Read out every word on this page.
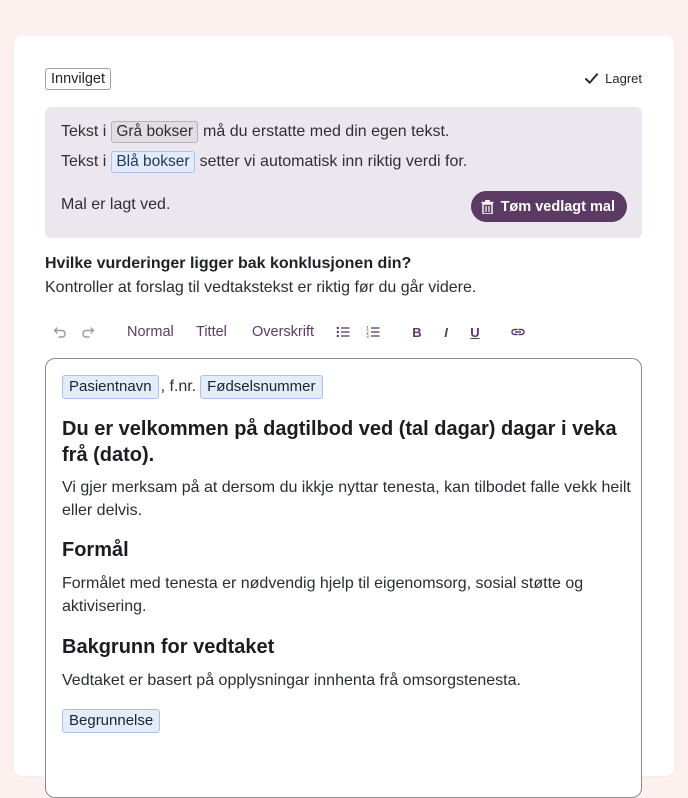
Innvilget	Lagret
Tekst i Grå bokser må du erstatte med din egen tekst.
Tekst i Blå bokser setter vi automatisk inn riktig verdi for.
Mal er lagt ved.	Tøm vedlagt mal
Hvilke vurderinger ligger bak konklusjonen din?
Kontroller at forslag til vedtakstekst er riktig før du går videre.
Normal Tittel Overskrift	1
2
3	B	I	U
Pasientnavn , f.nr. Fødselsnummer
Du er velkommen på dagtilbod ved (tal dagar) dagar i veka frå (dato).

Vi gjer merksam på at dersom du ikkje nyttar tenesta, kan tilbodet falle vekk heilt eller delvis.

Formål

Formålet med tenesta er nødvendig hjelp til eigenomsorg, sosial støtte og aktivisering.

Bakgrunn for vedtaket

Vedtaket er basert på opplysningar innhenta frå omsorgstenesta.

Begrunnelse
